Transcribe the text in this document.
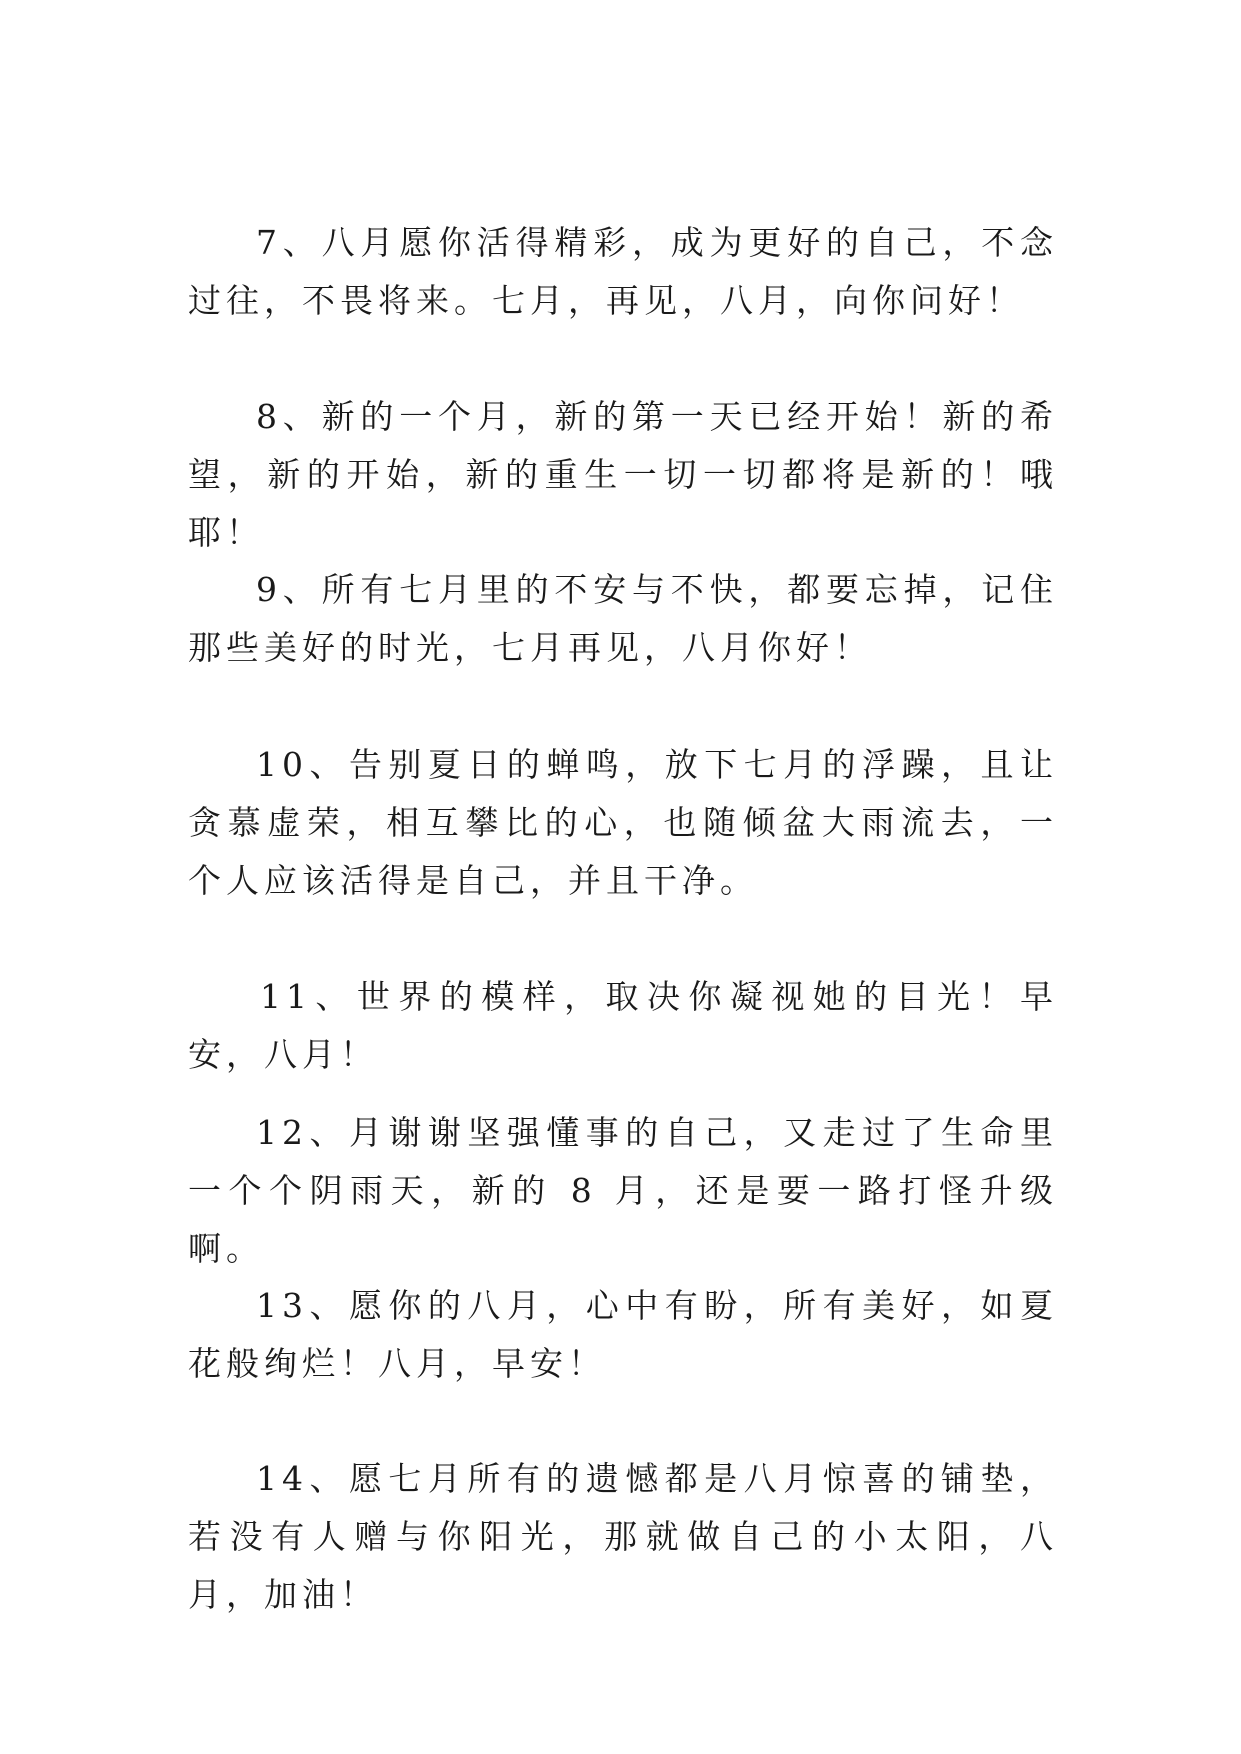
7、八月愿你活得精彩，成为更好的自己，不念过往，不畏将来。七月，再见，八月，向你问好！

8、新的一个月，新的第一天已经开始！新的希望，新的开始，新的重生一切一切都将是新的！哦耶！

9、所有七月里的不安与不快，都要忘掉，记住那些美好的时光，七月再见，八月你好！

10、告别夏日的蝉鸣，放下七月的浮躁，且让贪慕虚荣，相互攀比的心，也随倾盆大雨流去，一个人应该活得是自己，并且干净。

11、世界的模样，取决你凝视她的目光！早安，八月！

12、月谢谢坚强懂事的自己，又走过了生命里一个个阴雨天，新的 8 月，还是要一路打怪升级啊。

13、愿你的八月，心中有盼，所有美好，如夏花般绚烂！八月，早安！

14、愿七月所有的遗憾都是八月惊喜的铺垫，若没有人赠与你阳光，那就做自己的小太阳，八月，加油！
